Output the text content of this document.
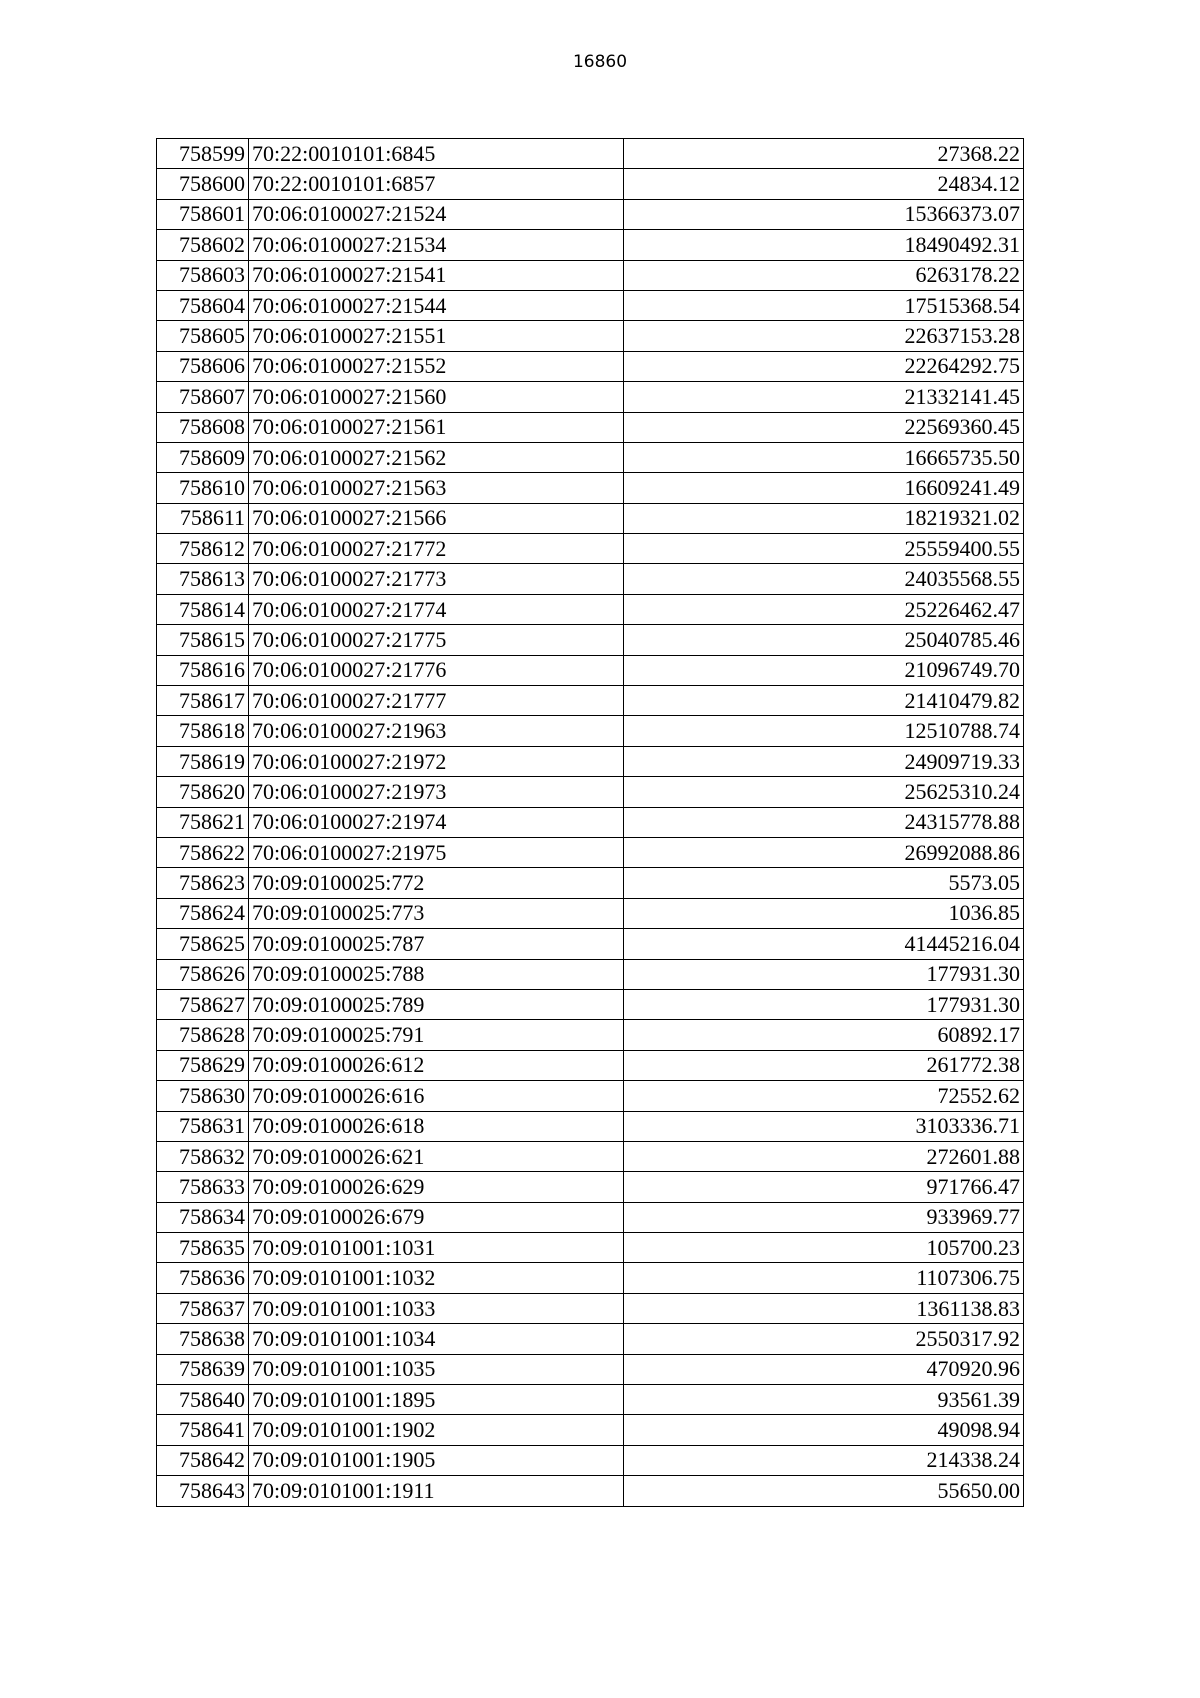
16860
758599	70:22:0010101:6845	27368.22
758600	70:22:0010101:6857	24834.12
758601	70:06:0100027:21524	15366373.07
758602	70:06:0100027:21534	18490492.31
758603	70:06:0100027:21541	6263178.22
758604	70:06:0100027:21544	17515368.54
758605	70:06:0100027:21551	22637153.28
758606	70:06:0100027:21552	22264292.75
758607	70:06:0100027:21560	21332141.45
758608	70:06:0100027:21561	22569360.45
758609	70:06:0100027:21562	16665735.50
758610	70:06:0100027:21563	16609241.49
758611	70:06:0100027:21566	18219321.02
758612	70:06:0100027:21772	25559400.55
758613	70:06:0100027:21773	24035568.55
758614	70:06:0100027:21774	25226462.47
758615	70:06:0100027:21775	25040785.46
758616	70:06:0100027:21776	21096749.70
758617	70:06:0100027:21777	21410479.82
758618	70:06:0100027:21963	12510788.74
758619	70:06:0100027:21972	24909719.33
758620	70:06:0100027:21973	25625310.24
758621	70:06:0100027:21974	24315778.88
758622	70:06:0100027:21975	26992088.86
758623	70:09:0100025:772	5573.05
758624	70:09:0100025:773	1036.85
758625	70:09:0100025:787	41445216.04
758626	70:09:0100025:788	177931.30
758627	70:09:0100025:789	177931.30
758628	70:09:0100025:791	60892.17
758629	70:09:0100026:612	261772.38
758630	70:09:0100026:616	72552.62
758631	70:09:0100026:618	3103336.71
758632	70:09:0100026:621	272601.88
758633	70:09:0100026:629	971766.47
758634	70:09:0100026:679	933969.77
758635	70:09:0101001:1031	105700.23
758636	70:09:0101001:1032	1107306.75
758637	70:09:0101001:1033	1361138.83
758638	70:09:0101001:1034	2550317.92
758639	70:09:0101001:1035	470920.96
758640	70:09:0101001:1895	93561.39
758641	70:09:0101001:1902	49098.94
758642	70:09:0101001:1905	214338.24
758643	70:09:0101001:1911	55650.00
